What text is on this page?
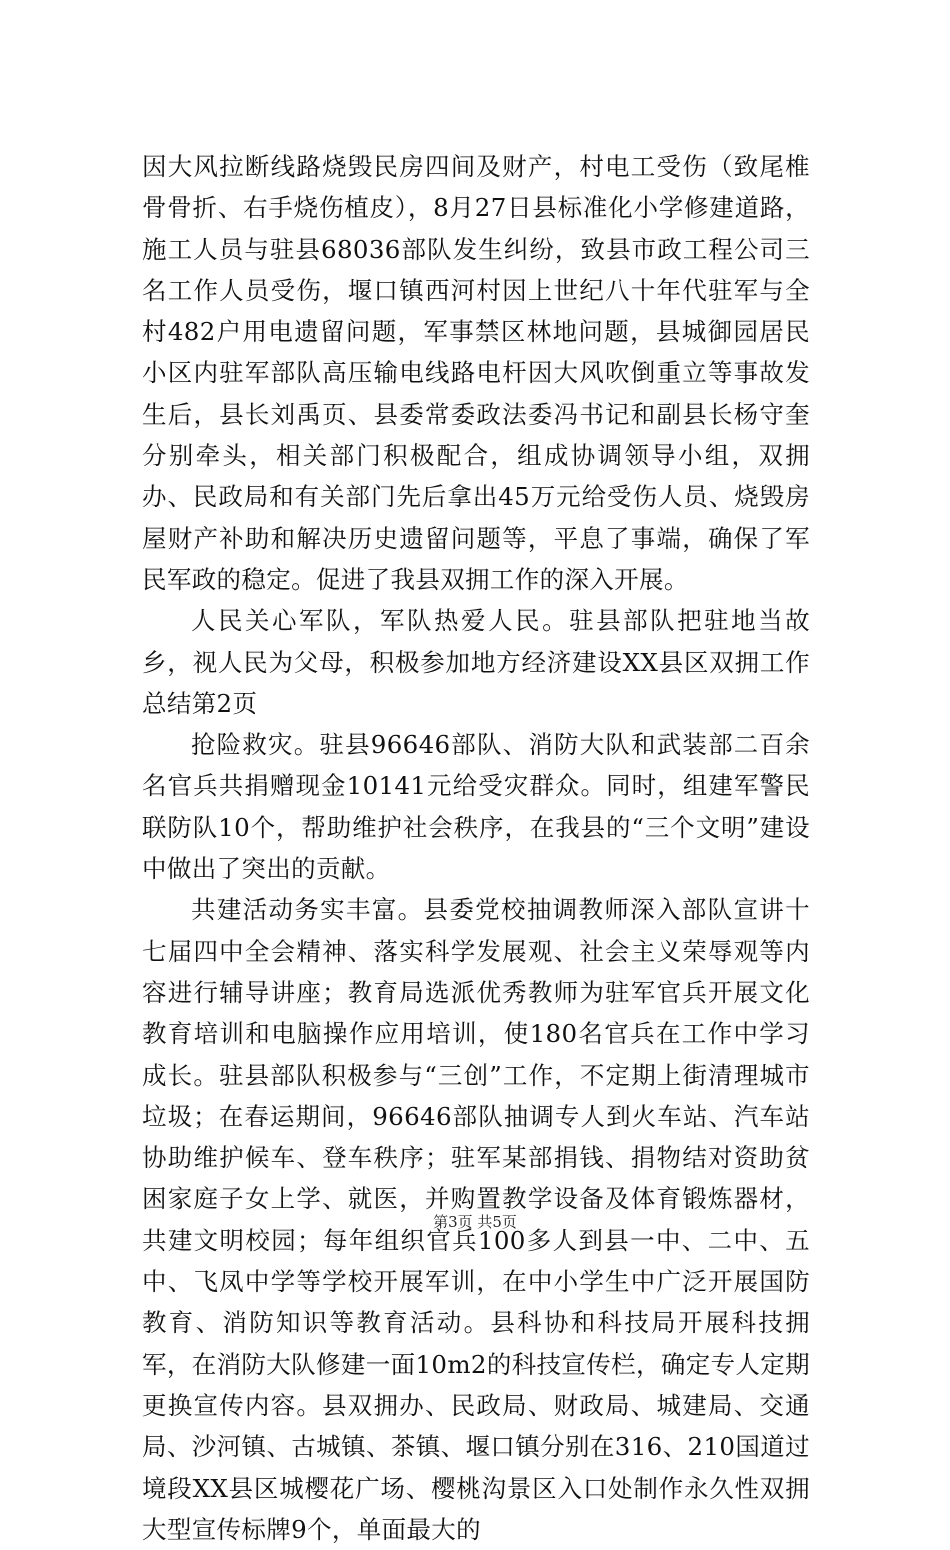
因大风拉断线路烧毁民房四间及财产，村电工受伤（致尾椎骨骨折、右手烧伤植皮），8月27日县标准化小学修建道路，施工人员与驻县68036部队发生纠纷，致县市政工程公司三名工作人员受伤，堰口镇西河村因上世纪八十年代驻军与全村482户用电遗留问题，军事禁区林地问题，县城御园居民小区内驻军部队高压输电线路电杆因大风吹倒重立等事故发生后，县长刘禹页、县委常委政法委冯书记和副县长杨守奎分别牵头，相关部门积极配合，组成协调领导小组，双拥办、民政局和有关部门先后拿出45万元给受伤人员、烧毁房屋财产补助和解决历史遗留问题等，平息了事端，确保了军民军政的稳定。促进了我县双拥工作的深入开展。

人民关心军队，军队热爱人民。驻县部队把驻地当故乡，视人民为父母，积极参加地方经济建设XX县区双拥工作总结第2页

抢险救灾。驻县96646部队、消防大队和武装部二百余名官兵共捐赠现金10141元给受灾群众。同时，组建军警民联防队10个，帮助维护社会秩序，在我县的“三个文明”建设中做出了突出的贡献。

共建活动务实丰富。县委党校抽调教师深入部队宣讲十七届四中全会精神、落实科学发展观、社会主义荣辱观等内容进行辅导讲座；教育局选派优秀教师为驻军官兵开展文化教育培训和电脑操作应用培训，使180名官兵在工作中学习成长。驻县部队积极参与“三创”工作，不定期上街清理城市垃圾；在春运期间，96646部队抽调专人到火车站、汽车站协助维护候车、登车秩序；驻军某部捐钱、捐物结对资助贫困家庭子女上学、就医，并购置教学设备及体育锻炼器材，共建文明校园；每年组织官兵100多人到县一中、二中、五中、飞凤中学等学校开展军训，在中小学生中广泛开展国防教育、消防知识等教育活动。县科协和科技局开展科技拥军，在消防大队修建一面10m2的科技宣传栏，确定专人定期更换宣传内容。县双拥办、民政局、财政局、城建局、交通局、沙河镇、古城镇、茶镇、堰口镇分别在316、210国道过境段XX县区城樱花广场、樱桃沟景区入口处制作永久性双拥大型宣传标牌9个，单面最大的

第3页 共5页
